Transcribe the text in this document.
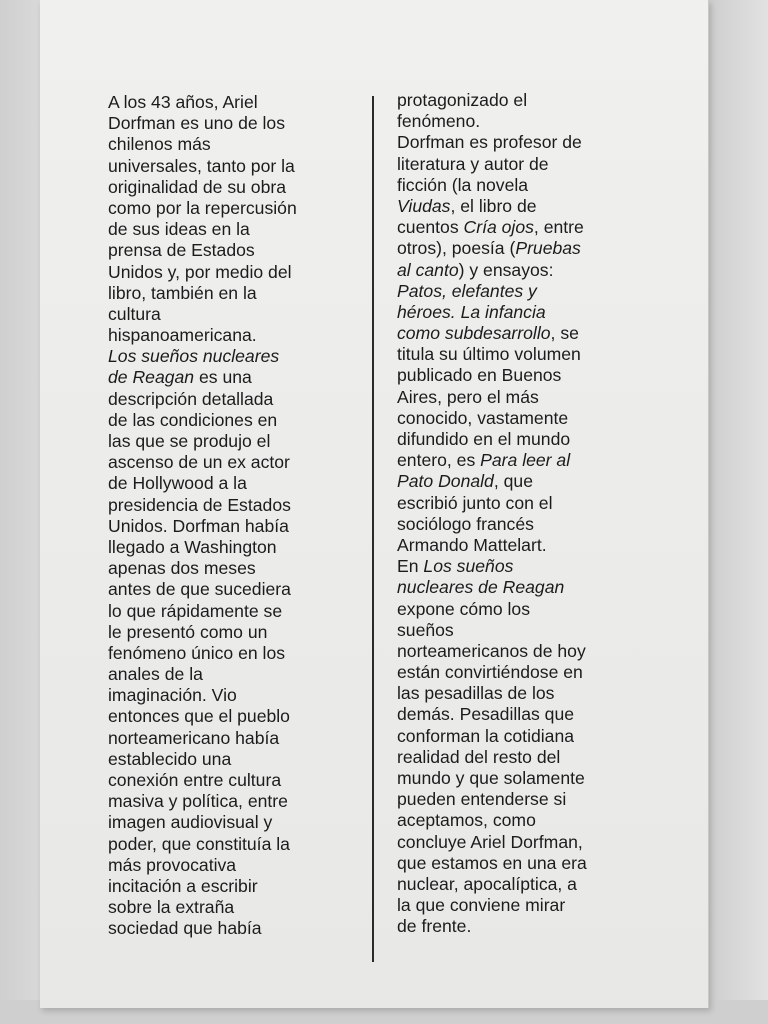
A los 43 años, Ariel
Dorfman es uno de los
chilenos más
universales, tanto por la
originalidad de su obra
como por la repercusión
de sus ideas en la
prensa de Estados
Unidos y, por medio del
libro, también en la
cultura
hispanoamericana.
Los sueños nucleares
de Reagan es una
descripción detallada
de las condiciones en
las que se produjo el
ascenso de un ex actor
de Hollywood a la
presidencia de Estados
Unidos. Dorfman había
llegado a Washington
apenas dos meses
antes de que sucediera
lo que rápidamente se
le presentó como un
fenómeno único en los
anales de la
imaginación. Vio
entonces que el pueblo
norteamericano había
establecido una
conexión entre cultura
masiva y política, entre
imagen audiovisual y
poder, que constituía la
más provocativa
incitación a escribir
sobre la extraña
sociedad que había
protagonizado el
fenómeno.
Dorfman es profesor de
literatura y autor de
ficción (la novela
Viudas, el libro de
cuentos Cría ojos, entre
otros), poesía (Pruebas
al canto) y ensayos:
Patos, elefantes y
héroes. La infancia
como subdesarrollo, se
titula su último volumen
publicado en Buenos
Aires, pero el más
conocido, vastamente
difundido en el mundo
entero, es Para leer al
Pato Donald, que
escribió junto con el
sociólogo francés
Armando Mattelart.
En Los sueños
nucleares de Reagan
expone cómo los
sueños
norteamericanos de hoy
están convirtiéndose en
las pesadillas de los
demás. Pesadillas que
conforman la cotidiana
realidad del resto del
mundo y que solamente
pueden entenderse si
aceptamos, como
concluye Ariel Dorfman,
que estamos en una era
nuclear, apocalíptica, a
la que conviene mirar
de frente.
